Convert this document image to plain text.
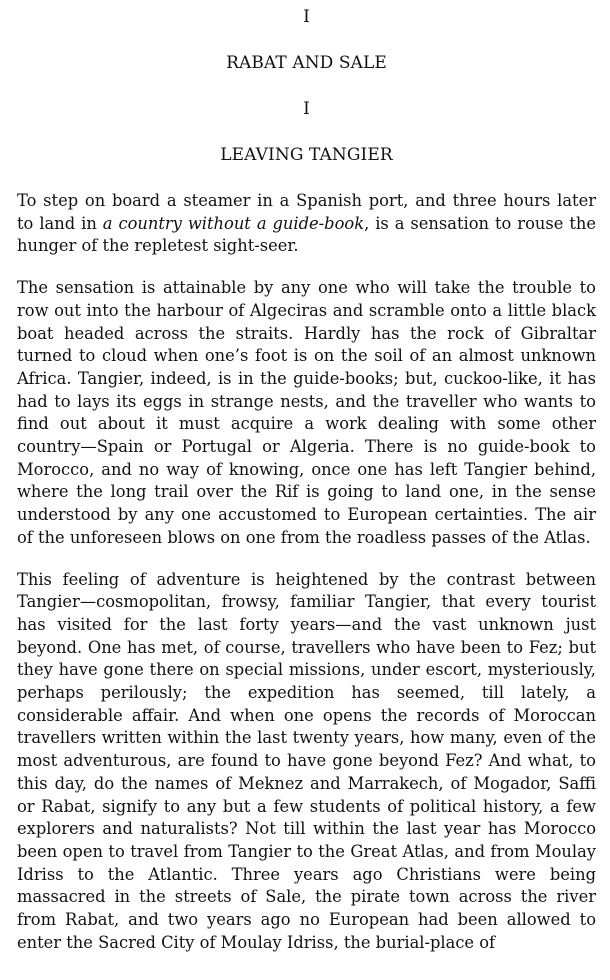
I
RABAT AND SALE
I
LEAVING TANGIER

To step on board a steamer in a Spanish port, and three hours later to land in a country without a guide-book, is a sensation to rouse the hunger of the repletest sight-seer.

The sensation is attainable by any one who will take the trouble to row out into the harbour of Algeciras and scramble onto a little black boat headed across the straits. Hardly has the rock of Gibraltar turned to cloud when one’s foot is on the soil of an almost unknown Africa. Tangier, indeed, is in the guide-books; but, cuckoo-like, it has had to lays its eggs in strange nests, and the traveller who wants to find out about it must acquire a work dealing with some other country—Spain or Portugal or Algeria. There is no guide-book to Morocco, and no way of knowing, once one has left Tangier behind, where the long trail over the Rif is going to land one, in the sense understood by any one accustomed to European certainties. The air of the unforeseen blows on one from the roadless passes of the Atlas.

This feeling of adventure is heightened by the contrast between Tangier—cosmopolitan, frowsy, familiar Tangier, that every tourist has visited for the last forty years—and the vast unknown just beyond. One has met, of course, travellers who have been to Fez; but they have gone there on special missions, under escort, mysteriously, perhaps perilously; the expedition has seemed, till lately, a considerable affair. And when one opens the records of Moroccan travellers written within the last twenty years, how many, even of the most adventurous, are found to have gone beyond Fez? And what, to this day, do the names of Meknez and Marrakech, of Mogador, Saffi or Rabat, signify to any but a few students of political history, a few explorers and naturalists? Not till within the last year has Morocco been open to travel from Tangier to the Great Atlas, and from Moulay Idriss to the Atlantic. Three years ago Christians were being massacred in the streets of Sale, the pirate town across the river from Rabat, and two years ago no European had been allowed to enter the Sacred City of Moulay Idriss, the burial-place of
